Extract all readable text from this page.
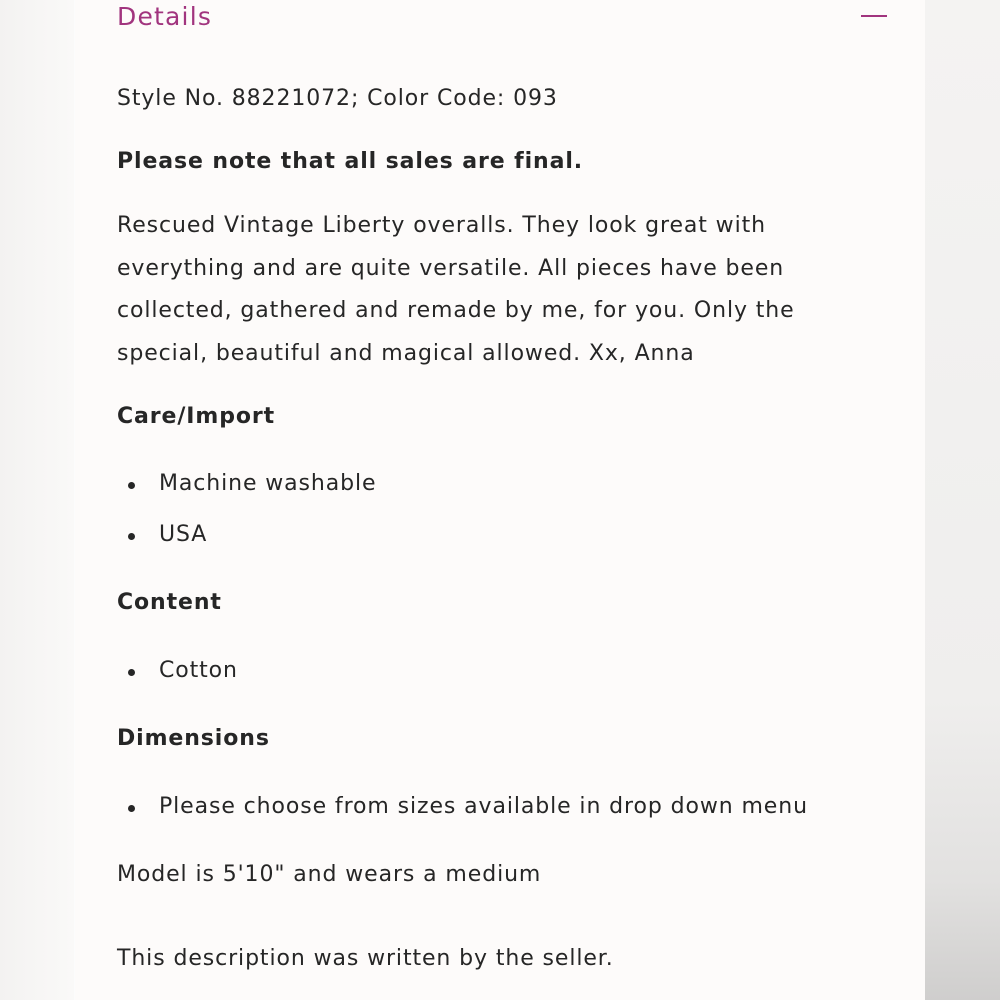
Details
Style No. 88221072; Color Code: 093
Please note that all sales are final.

Rescued Vintage Liberty overalls. They look great with everything and are quite versatile. All pieces have been collected, gathered and remade by me, for you. Only the special, beautiful and magical allowed. Xx, Anna

Care/Import
Machine washable
USA
Content
Cotton
Dimensions
Please choose from sizes available in drop down menu
Model is 5'10" and wears a medium
This description was written by the seller.
